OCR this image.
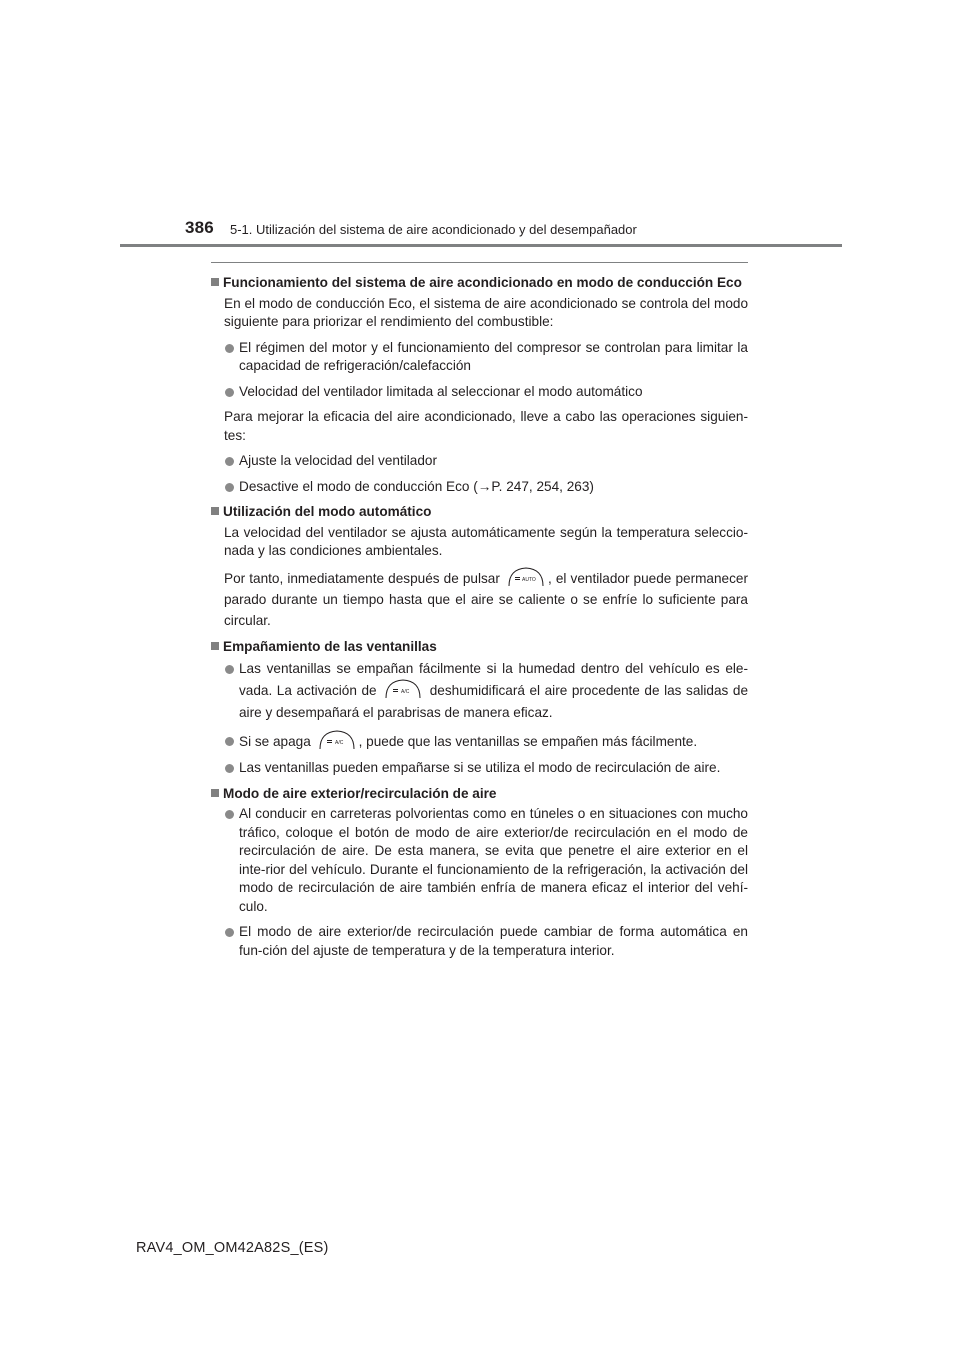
386 5-1. Utilización del sistema de aire acondicionado y del desempañador
Funcionamiento del sistema de aire acondicionado en modo de conducción Eco
En el modo de conducción Eco, el sistema de aire acondicionado se controla del modo siguiente para priorizar el rendimiento del combustible:
El régimen del motor y el funcionamiento del compresor se controlan para limitar la capacidad de refrigeración/calefacción
Velocidad del ventilador limitada al seleccionar el modo automático
Para mejorar la eficacia del aire acondicionado, lleve a cabo las operaciones siguien-tes:
Ajuste la velocidad del ventilador
Desactive el modo de conducción Eco (→P. 247, 254, 263)
Utilización del modo automático
La velocidad del ventilador se ajusta automáticamente según la temperatura seleccio-nada y las condiciones ambientales.
Por tanto, inmediatamente después de pulsar	AUTO , el ventilador puede permanecer parado durante un tiempo hasta que el aire se caliente o se enfríe lo suficiente para circular.
Empañamiento de las ventanillas
Las ventanillas se empañan fácilmente si la humedad dentro del vehículo es ele-vada. La activación de	A/C deshumidificará el aire procedente de las salidas de aire y desempañará el parabrisas de manera eficaz.
Si se apaga	A/C , puede que las ventanillas se empañen más fácilmente.
Las ventanillas pueden empañarse si se utiliza el modo de recirculación de aire.
Modo de aire exterior/recirculación de aire
Al conducir en carreteras polvorientas como en túneles o en situaciones con mucho tráfico, coloque el botón de modo de aire exterior/de recirculación en el modo de recirculación de aire. De esta manera, se evita que penetre el aire exterior en el inte-rior del vehículo. Durante el funcionamiento de la refrigeración, la activación del modo de recirculación de aire también enfría de manera eficaz el interior del vehí-culo.
El modo de aire exterior/de recirculación puede cambiar de forma automática en fun-ción del ajuste de temperatura y de la temperatura interior.
RAV4_OM_OM42A82S_(ES)
